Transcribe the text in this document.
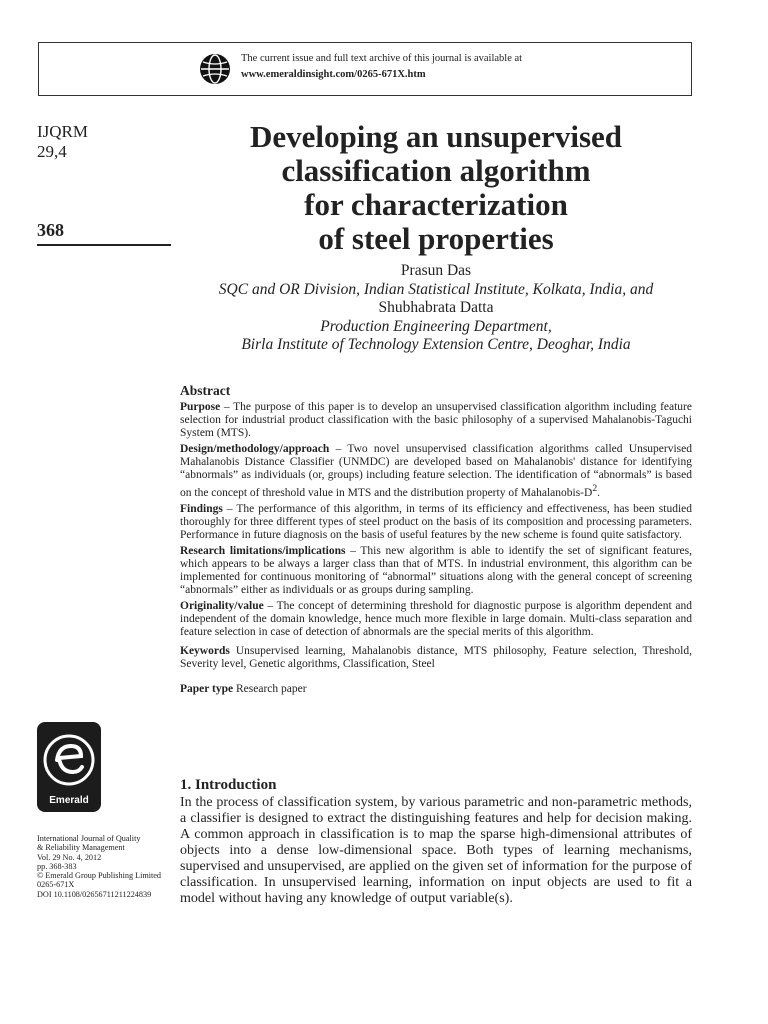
The current issue and full text archive of this journal is available at
www.emeraldinsight.com/0265-671X.htm
IJQRM
29,4
368
Developing an unsupervised
classification algorithm
for characterization
of steel properties
Prasun Das
SQC and OR Division, Indian Statistical Institute, Kolkata, India, and
Shubhabrata Datta
Production Engineering Department,
Birla Institute of Technology Extension Centre, Deoghar, India
Abstract

Purpose – The purpose of this paper is to develop an unsupervised classification algorithm including feature selection for industrial product classification with the basic philosophy of a supervised Mahalanobis-Taguchi System (MTS).

Design/methodology/approach – Two novel unsupervised classification algorithms called Unsupervised Mahalanobis Distance Classifier (UNMDC) are developed based on Mahalanobis' distance for identifying “abnormals” as individuals (or, groups) including feature selection. The identification of “abnormals” is based on the concept of threshold value in MTS and the distribution property of Mahalanobis-$D^2$.

Findings – The performance of this algorithm, in terms of its efficiency and effectiveness, has been studied thoroughly for three different types of steel product on the basis of its composition and processing parameters. Performance in future diagnosis on the basis of useful features by the new scheme is found quite satisfactory.

Research limitations/implications – This new algorithm is able to identify the set of significant features, which appears to be always a larger class than that of MTS. In industrial environment, this algorithm can be implemented for continuous monitoring of “abnormal” situations along with the general concept of screening “abnormals” either as individuals or as groups during sampling.

Originality/value – The concept of determining threshold for diagnostic purpose is algorithm dependent and independent of the domain knowledge, hence much more flexible in large domain. Multi-class separation and feature selection in case of detection of abnormals are the special merits of this algorithm.

Keywords Unsupervised learning, Mahalanobis distance, MTS philosophy, Feature selection, Threshold, Severity level, Genetic algorithms, Classification, Steel

Paper type Research paper

1. Introduction

In the process of classification system, by various parametric and non-parametric methods, a classifier is designed to extract the distinguishing features and help for decision making. A common approach in classification is to map the sparse high-dimensional attributes of objects into a dense low-dimensional space. Both types of learning mechanisms, supervised and unsupervised, are applied on the given set of information for the purpose of classification. In unsupervised learning, information on input objects are used to fit a model without having any knowledge of output variable(s).

Emerald
International Journal of Quality
& Reliability Management
Vol. 29 No. 4, 2012
pp. 368-383
© Emerald Group Publishing Limited
0265-671X
DOI 10.1108/02656711211224839
